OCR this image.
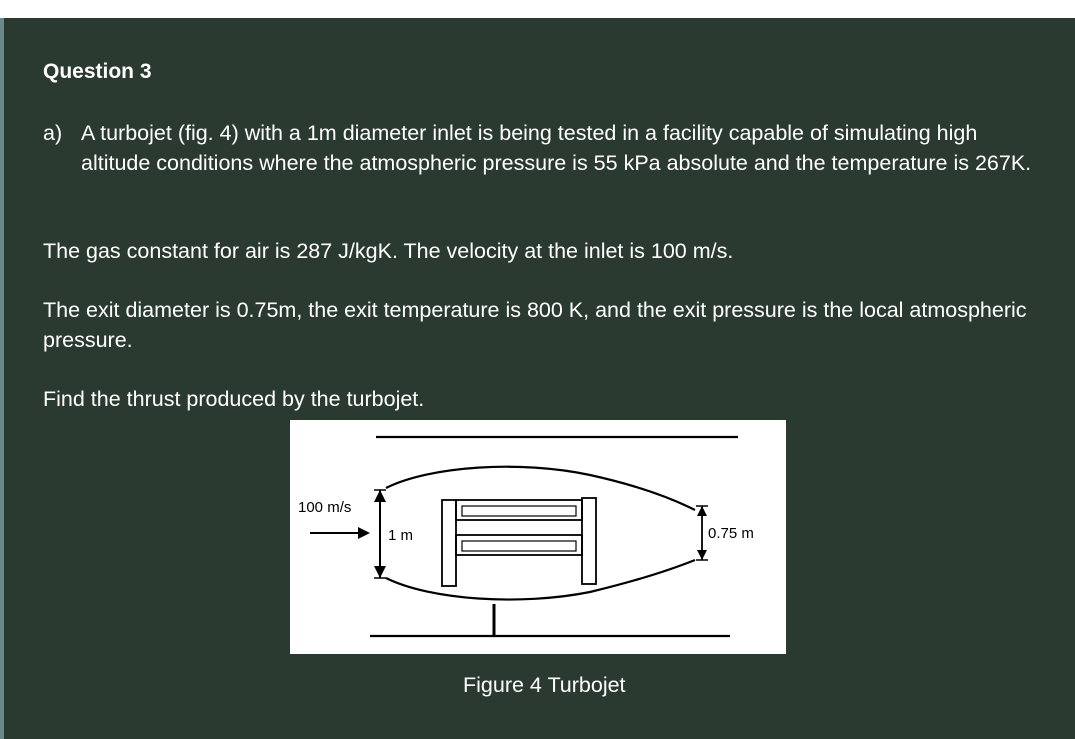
Question 3
a) A turbojet (fig. 4) with a 1m diameter inlet is being tested in a facility capable of simulating high altitude conditions where the atmospheric pressure is 55 kPa absolute and the temperature is 267K.

The gas constant for air is 287 J/kgK. The velocity at the inlet is 100 m/s.

The exit diameter is 0.75m, the exit temperature is 800 K, and the exit pressure is the local atmospheric pressure.

Find the thrust produced by the turbojet.

100 m/s
1 m	0.75 m

Figure 4 Turbojet
